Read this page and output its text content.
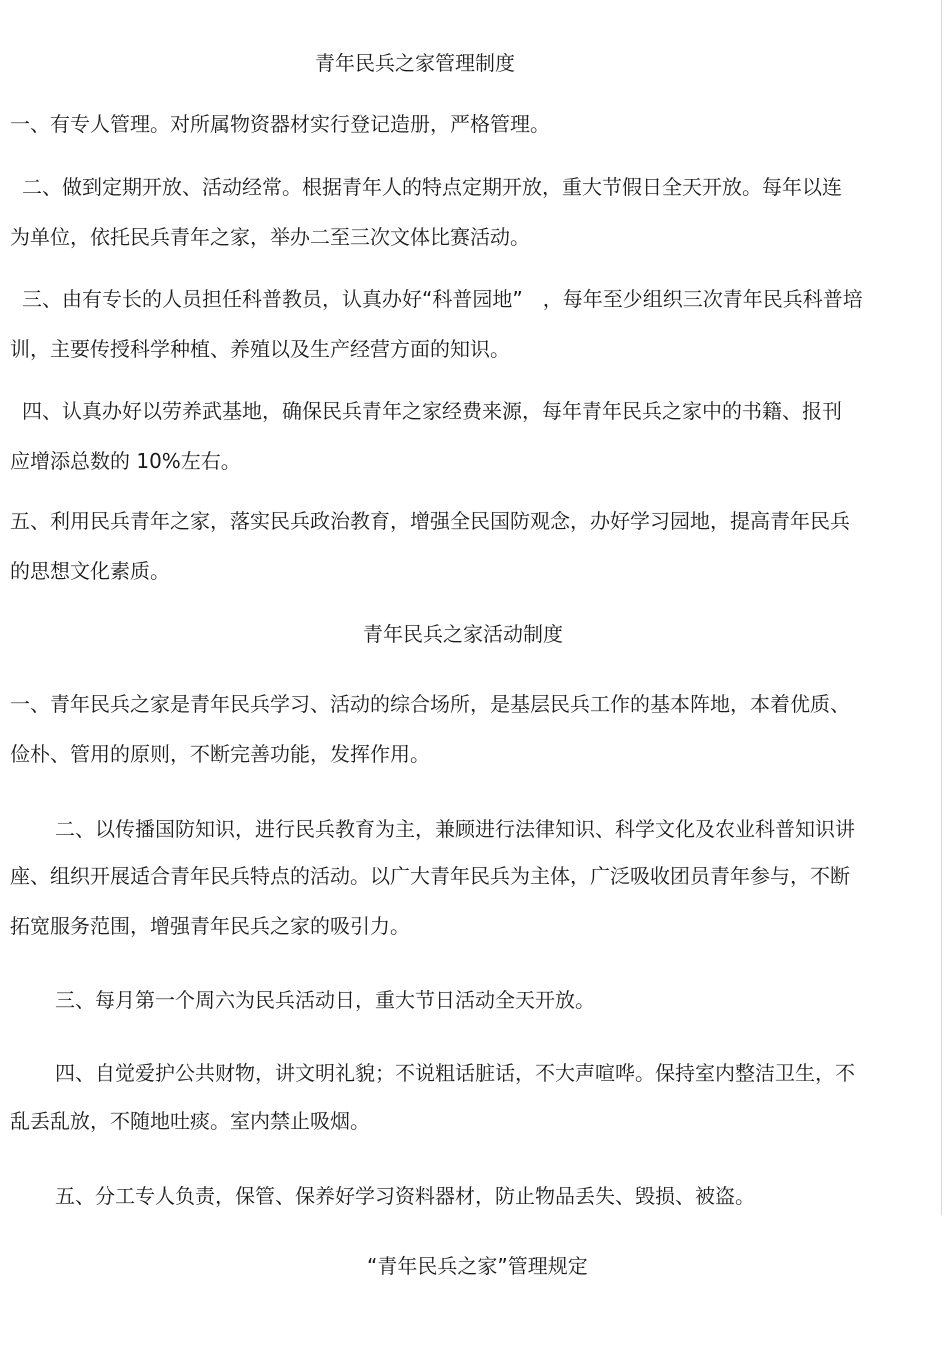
青年民兵之家管理制度
一、有专人管理。对所属物资器材实行登记造册，严格管理。
二、做到定期开放、活动经常。根据青年人的特点定期开放，重大节假日全天开放。每年以连
为单位，依托民兵青年之家，举办二至三次文体比赛活动。
三、由有专长的人员担任科普教员，认真办好“科普园地”　，每年至少组织三次青年民兵科普培
训，主要传授科学种植、养殖以及生产经营方面的知识。
四、认真办好以劳养武基地，确保民兵青年之家经费来源，每年青年民兵之家中的书籍、报刊
应增添总数的 10%左右。
五、利用民兵青年之家，落实民兵政治教育，增强全民国防观念，办好学习园地，提高青年民兵
的思想文化素质。
青年民兵之家活动制度
一、青年民兵之家是青年民兵学习、活动的综合场所，是基层民兵工作的基本阵地，本着优质、
俭朴、管用的原则，不断完善功能，发挥作用。
二、以传播国防知识，进行民兵教育为主，兼顾进行法律知识、科学文化及农业科普知识讲
座、组织开展适合青年民兵特点的活动。以广大青年民兵为主体，广泛吸收团员青年参与，不断
拓宽服务范围，增强青年民兵之家的吸引力。
三、每月第一个周六为民兵活动日，重大节日活动全天开放。
四、自觉爱护公共财物，讲文明礼貌；不说粗话脏话，不大声喧哗。保持室内整洁卫生，不
乱丢乱放，不随地吐痰。室内禁止吸烟。
五、分工专人负责，保管、保养好学习资料器材，防止物品丢失、毁损、被盗。
“青年民兵之家”管理规定
